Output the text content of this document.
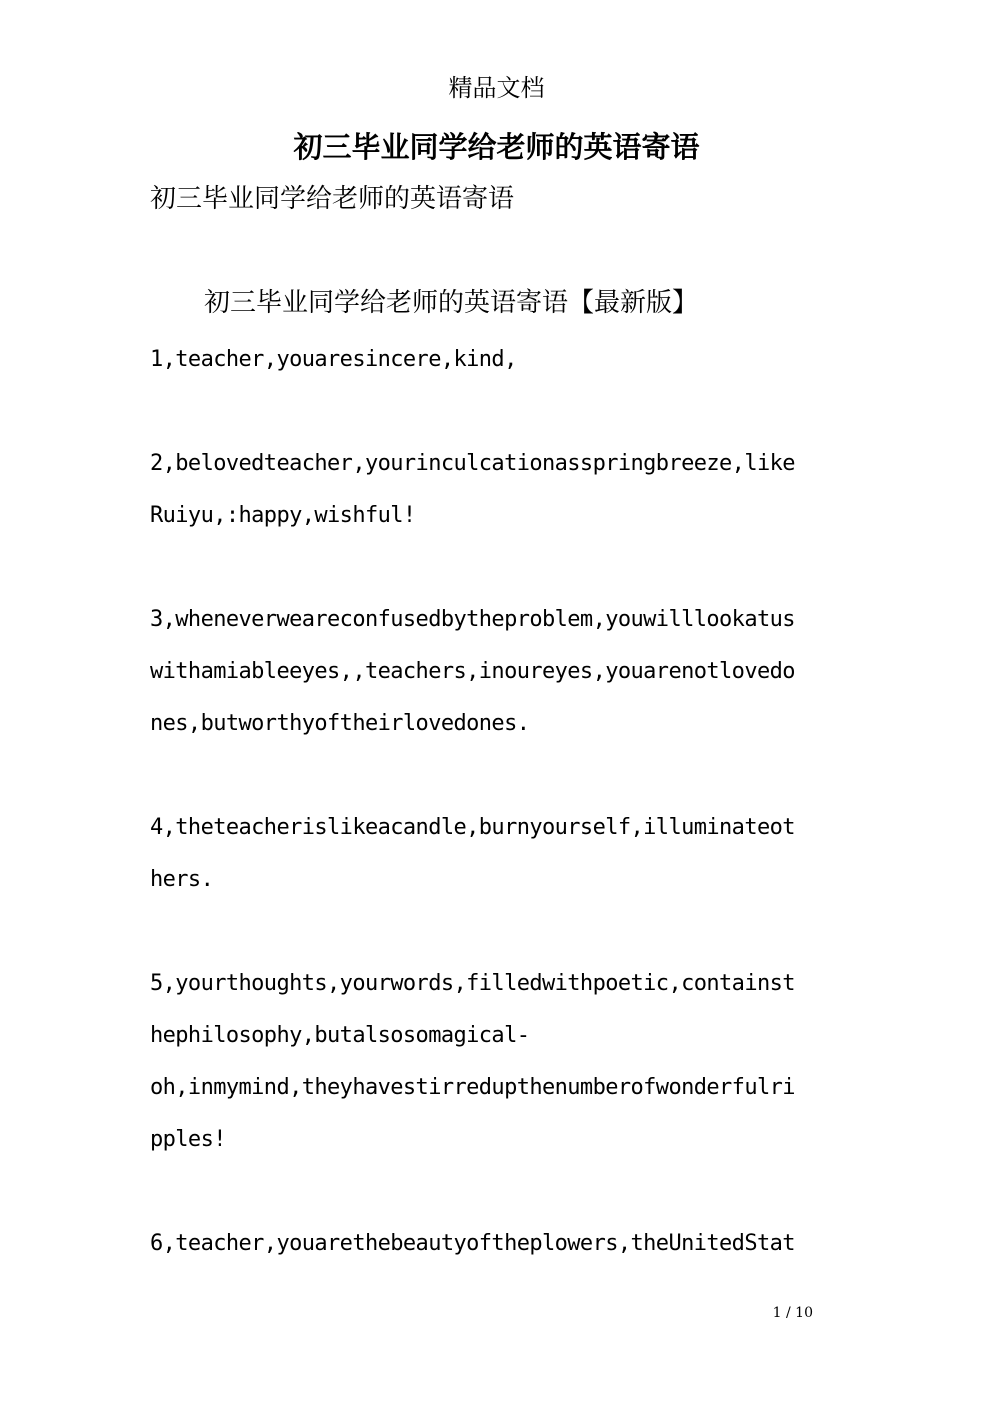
精品文档
初三毕业同学给老师的英语寄语
初三毕业同学给老师的英语寄语
初三毕业同学给老师的英语寄语【最新版】
1,teacher,youaresincere,kind,
2,belovedteacher,yourinculcationasspringbreeze,like
Ruiyu,:happy,wishful!
3,wheneverweareconfusedbytheproblem,youwilllookatus
withamiableeyes,,teachers,inoureyes,youarenotlovedo
nes,butworthyoftheirlovedones.
4,theteacherislikeacandle,burnyourself,illuminateot
hers.
5,yourthoughts,yourwords,filledwithpoetic,containst
hephilosophy,butalsosomagical-
oh,inmymind,theyhavestirredupthenumberofwonderfulri
pples!
6,teacher,youarethebeautyoftheplowers,theUnitedStat
1 / 10
